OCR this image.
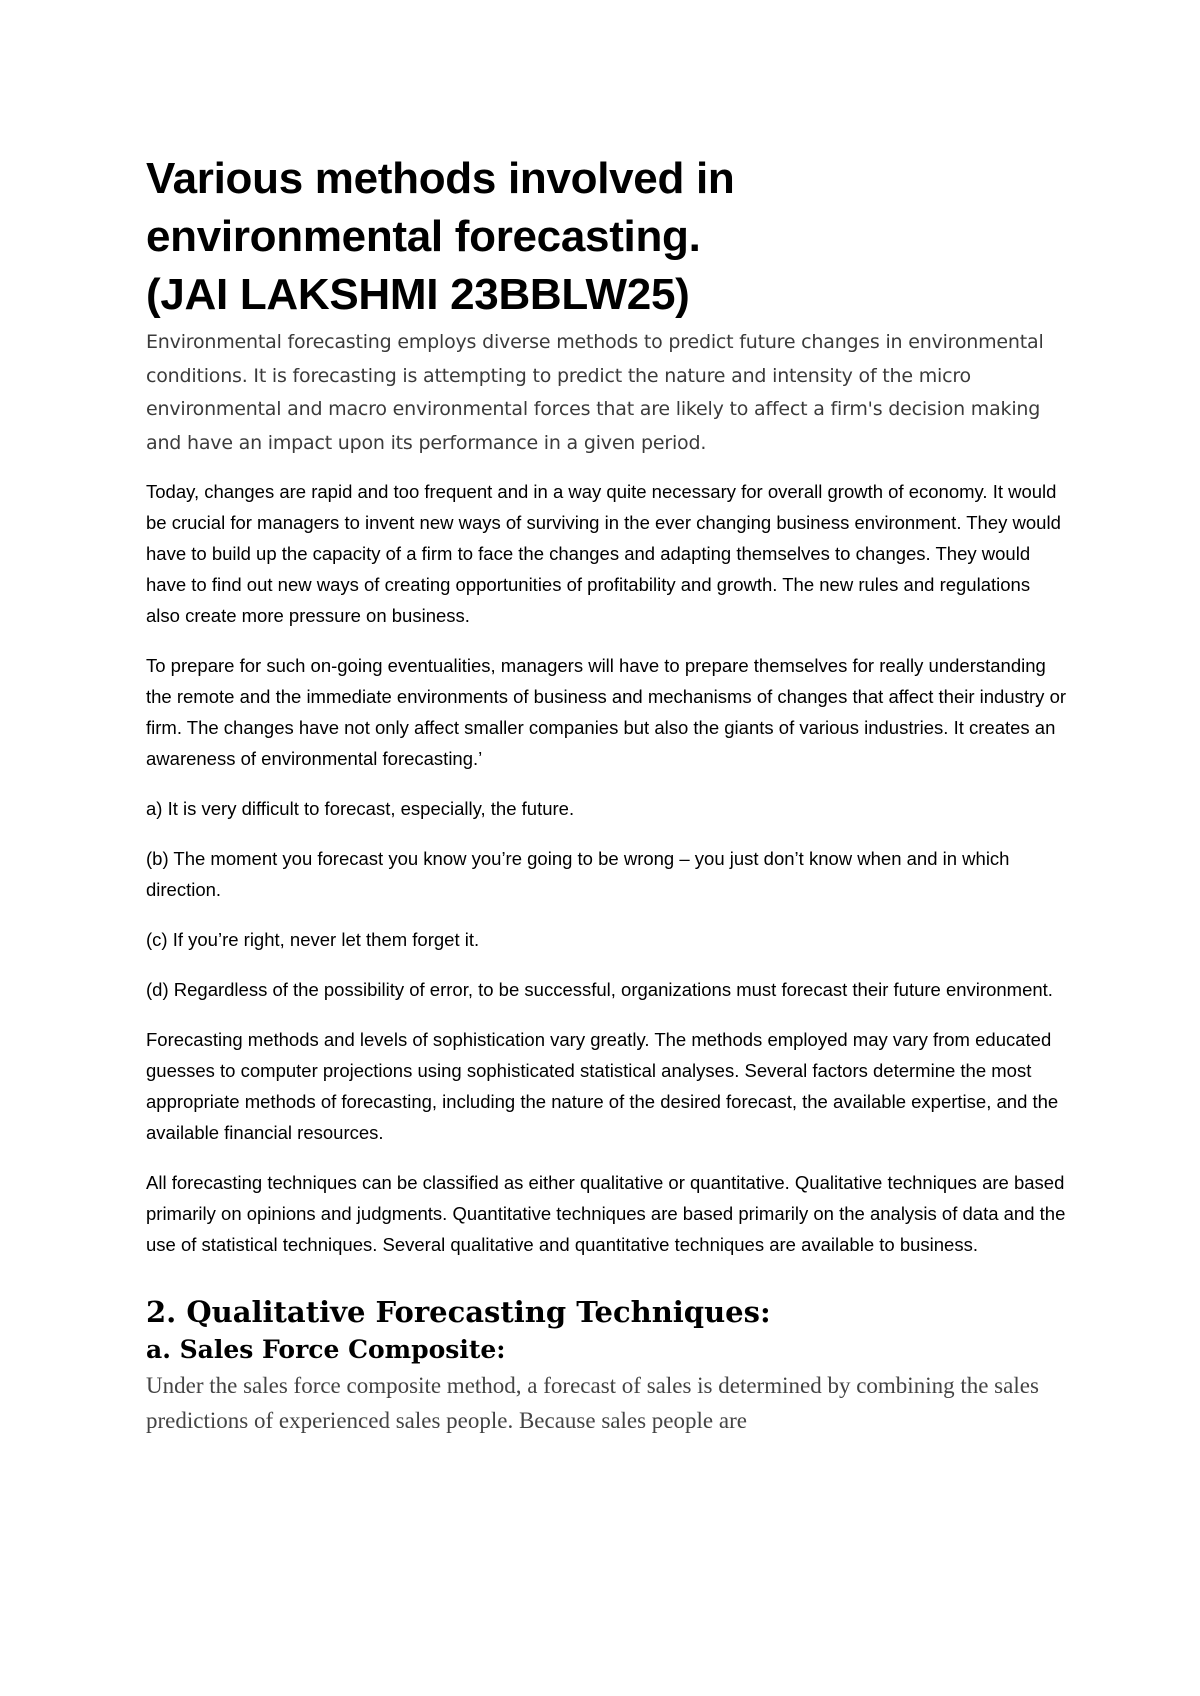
Various methods involved in
environmental forecasting.
(JAI LAKSHMI 23BBLW25)

Environmental forecasting employs diverse methods to predict future changes in environmental conditions. It is forecasting is attempting to predict the nature and intensity of the micro environmental and macro environmental forces that are likely to affect a firm's decision making and have an impact upon its performance in a given period.

Today, changes are rapid and too frequent and in a way quite necessary for overall growth of economy. It would be crucial for managers to invent new ways of surviving in the ever changing business environment. They would have to build up the capacity of a firm to face the changes and adapting themselves to changes. They would have to find out new ways of creating opportunities of profitability and growth. The new rules and regulations also create more pressure on business.

To prepare for such on-going eventualities, managers will have to prepare themselves for really understanding the remote and the immediate environments of business and mechanisms of changes that affect their industry or firm. The changes have not only affect smaller companies but also the giants of various industries. It creates an awareness of environmental forecasting.’

a) It is very difficult to forecast, especially, the future.

(b) The moment you forecast you know you’re going to be wrong – you just don’t know when and in which direction.

(c) If you’re right, never let them forget it.

(d) Regardless of the possibility of error, to be successful, organizations must forecast their future environment.

Forecasting methods and levels of sophistication vary greatly. The methods employed may vary from educated guesses to computer projections using sophisticated statistical analyses. Several factors determine the most appropriate methods of forecasting, including the nature of the desired forecast, the available expertise, and the available financial resources.

All forecasting techniques can be classified as either qualitative or quantitative. Qualitative techniques are based primarily on opinions and judgments. Quantitative techniques are based primarily on the analysis of data and the use of statistical techniques. Several qualitative and quantitative techniques are available to business.

2. Qualitative Forecasting Techniques:
a. Sales Force Composite:

Under the sales force composite method, a forecast of sales is determined by combining the sales predictions of experienced sales people. Because sales people are
